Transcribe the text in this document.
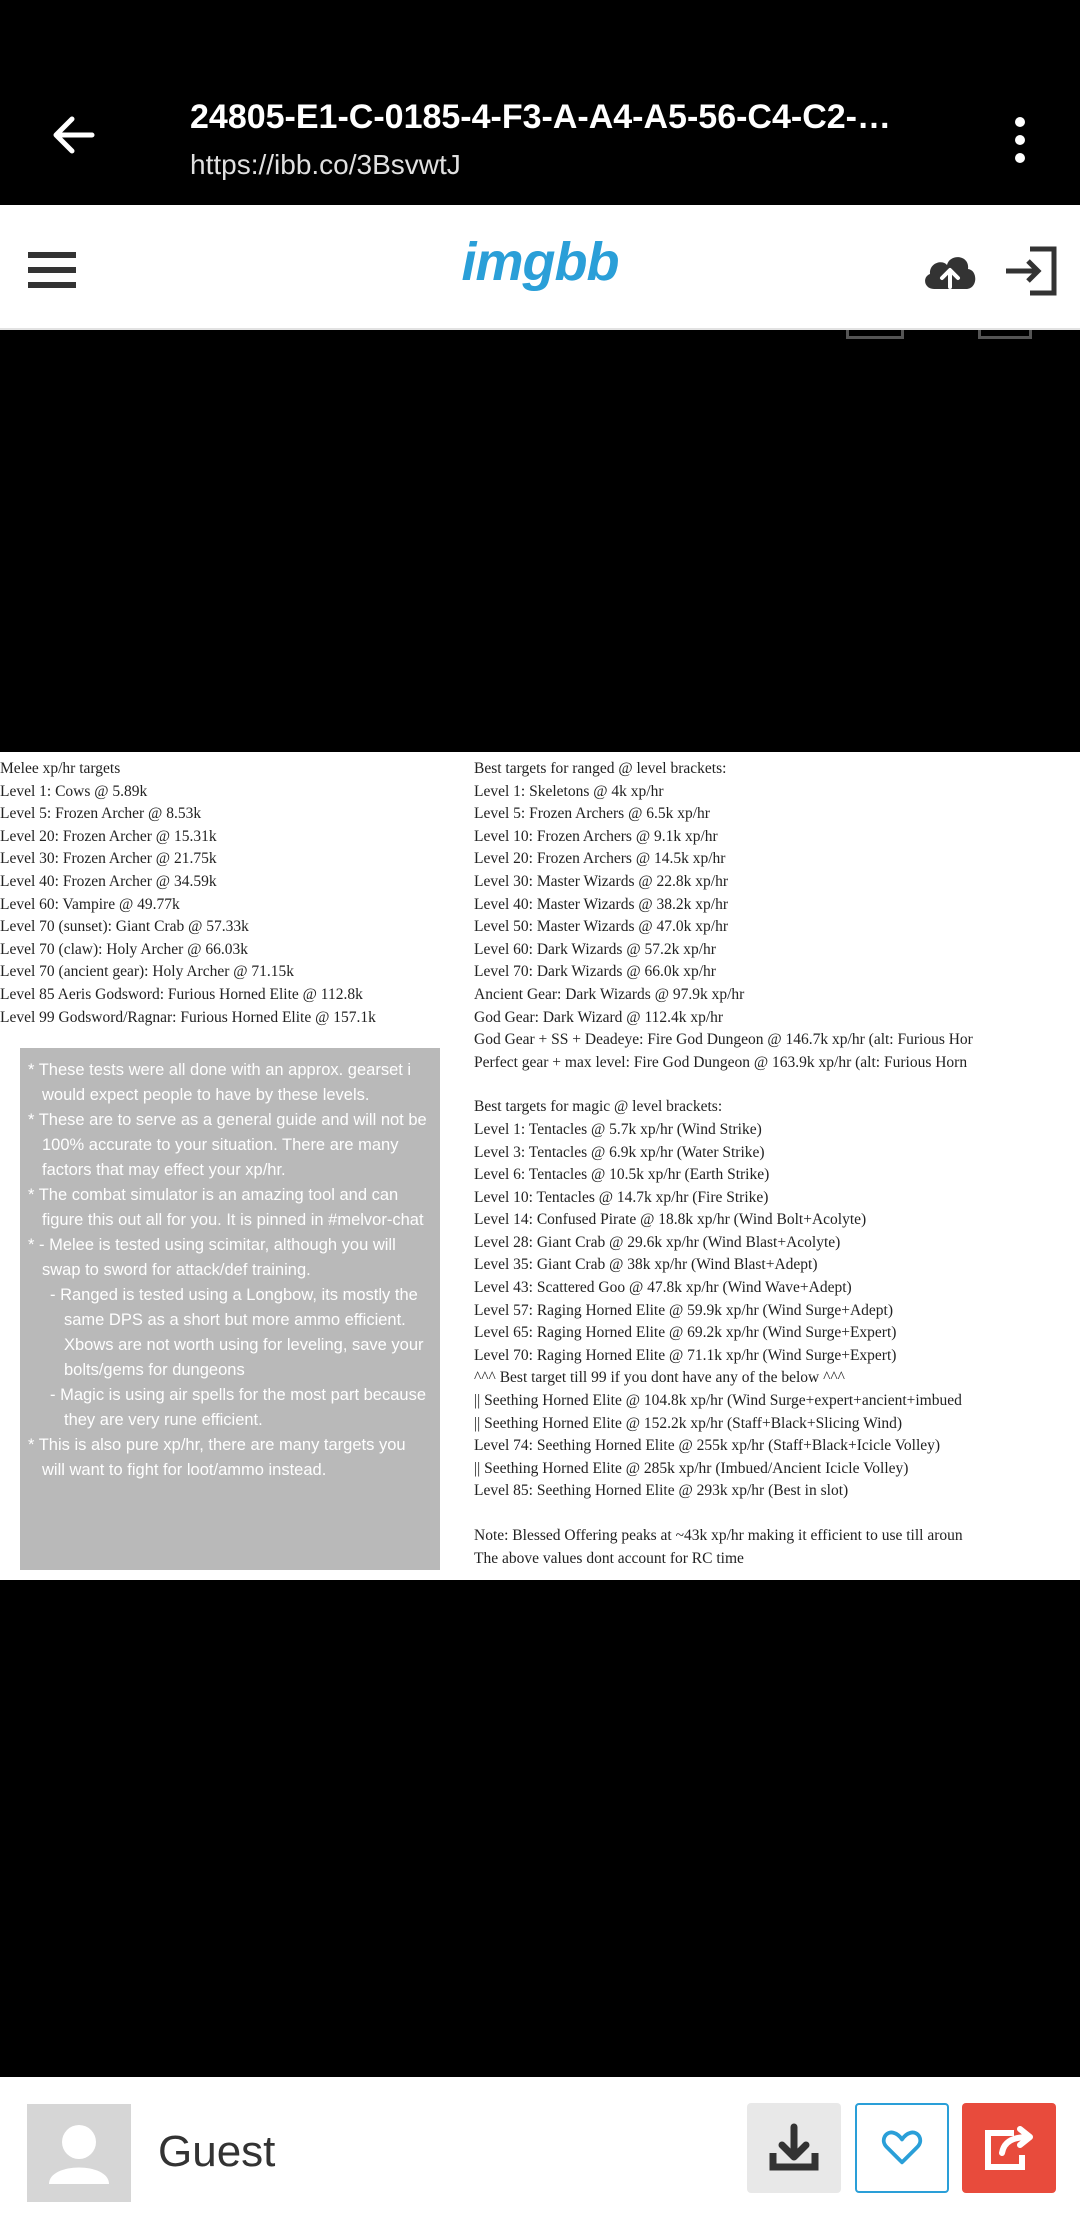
24805-E1-C-0185-4-F3-A-A4-A5-56-C4-C2-…
https://ibb.co/3BsvwtJ
imgbb
Melee xp/hr targets
Level 1: Cows @ 5.89k
Level 5: Frozen Archer @ 8.53k
Level 20: Frozen Archer @ 15.31k
Level 30: Frozen Archer @ 21.75k
Level 40: Frozen Archer @ 34.59k
Level 60: Vampire @ 49.77k
Level 70 (sunset): Giant Crab @ 57.33k
Level 70 (claw): Holy Archer @ 66.03k
Level 70 (ancient gear): Holy Archer @ 71.15k
Level 85 Aeris Godsword: Furious Horned Elite @ 112.8k
Level 99 Godsword/Ragnar: Furious Horned Elite @ 157.1k
* These tests were all done with an approx. gearset i would expect people to have by these levels.
* These are to serve as a general guide and will not be 100% accurate to your situation. There are many factors that may effect your xp/hr.
* The combat simulator is an amazing tool and can figure this out all for you. It is pinned in #melvor-chat
* - Melee is tested using scimitar, although you will swap to sword for attack/def training.
- Ranged is tested using a Longbow, its mostly the same DPS as a short but more ammo efficient. Xbows are not worth using for leveling, save your bolts/gems for dungeons
- Magic is using air spells for the most part because they are very rune efficient.
* This is also pure xp/hr, there are many targets you will want to fight for loot/ammo instead.
Best targets for ranged @ level brackets:
Level 1: Skeletons @ 4k xp/hr
Level 5: Frozen Archers @ 6.5k xp/hr
Level 10: Frozen Archers @ 9.1k xp/hr
Level 20: Frozen Archers @ 14.5k xp/hr
Level 30: Master Wizards @ 22.8k xp/hr
Level 40: Master Wizards @ 38.2k xp/hr
Level 50: Master Wizards @ 47.0k xp/hr
Level 60: Dark Wizards @ 57.2k xp/hr
Level 70: Dark Wizards @ 66.0k xp/hr
Ancient Gear: Dark Wizards @ 97.9k xp/hr
God Gear: Dark Wizard @ 112.4k xp/hr
God Gear + SS + Deadeye: Fire God Dungeon @ 146.7k xp/hr (alt: Furious Hor
Perfect gear + max level: Fire God Dungeon @ 163.9k xp/hr (alt: Furious Horn
Best targets for magic @ level brackets:
Level 1: Tentacles @ 5.7k xp/hr (Wind Strike)
Level 3: Tentacles @ 6.9k xp/hr (Water Strike)
Level 6: Tentacles @ 10.5k xp/hr (Earth Strike)
Level 10: Tentacles @ 14.7k xp/hr (Fire Strike)
Level 14: Confused Pirate @ 18.8k xp/hr (Wind Bolt+Acolyte)
Level 28: Giant Crab @ 29.6k xp/hr (Wind Blast+Acolyte)
Level 35: Giant Crab @ 38k xp/hr (Wind Blast+Adept)
Level 43: Scattered Goo @ 47.8k xp/hr (Wind Wave+Adept)
Level 57: Raging Horned Elite @ 59.9k xp/hr (Wind Surge+Adept)
Level 65: Raging Horned Elite @ 69.2k xp/hr (Wind Surge+Expert)
Level 70: Raging Horned Elite @ 71.1k xp/hr (Wind Surge+Expert)
^^^ Best target till 99 if you dont have any of the below ^^^
|| Seething Horned Elite @ 104.8k xp/hr (Wind Surge+expert+ancient+imbued
|| Seething Horned Elite @ 152.2k xp/hr (Staff+Black+Slicing Wind)
Level 74: Seething Horned Elite @ 255k xp/hr (Staff+Black+Icicle Volley)
|| Seething Horned Elite @ 285k xp/hr (Imbued/Ancient Icicle Volley)
Level 85: Seething Horned Elite @ 293k xp/hr (Best in slot)
Note: Blessed Offering peaks at ~43k xp/hr making it efficient to use till aroun
The above values dont account for RC time
Guest
